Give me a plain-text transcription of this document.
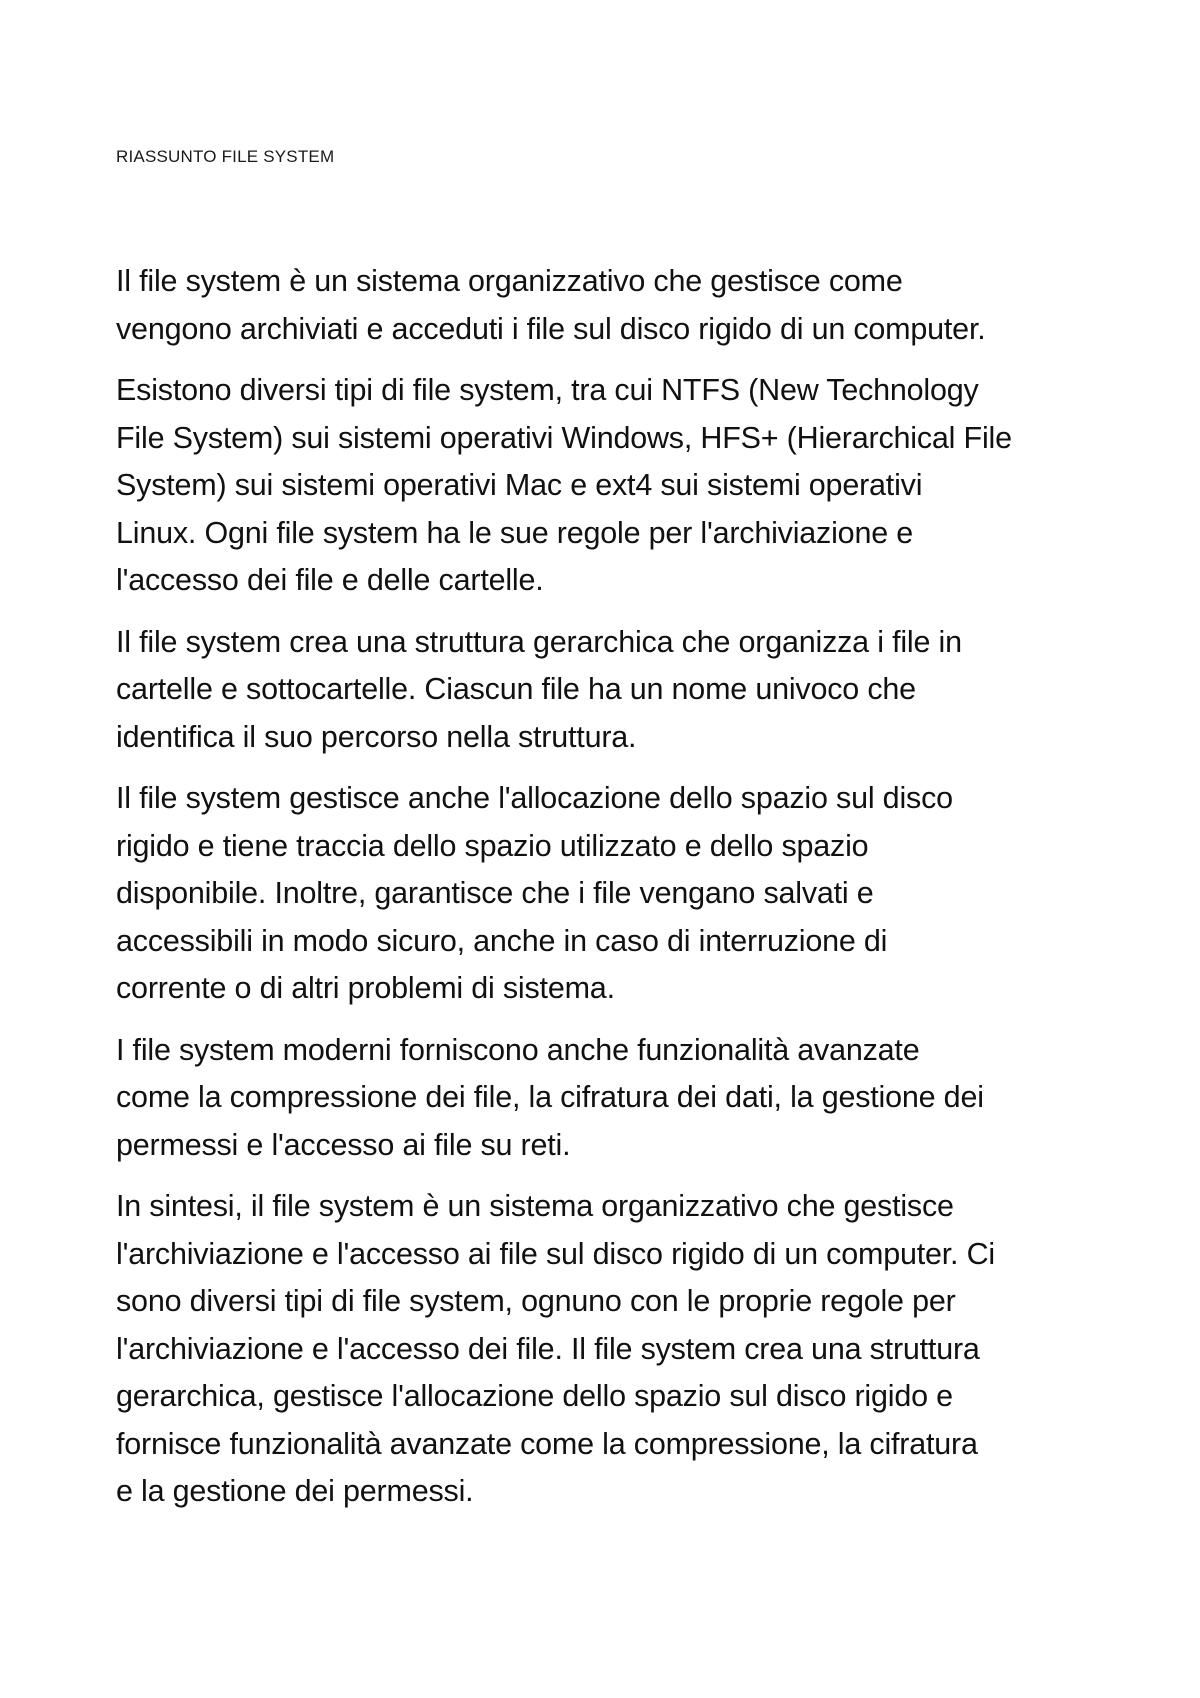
RIASSUNTO FILE SYSTEM

Il file system è un sistema organizzativo che gestisce come
vengono archiviati e acceduti i file sul disco rigido di un computer.

Esistono diversi tipi di file system, tra cui NTFS (New Technology
File System) sui sistemi operativi Windows, HFS+ (Hierarchical File
System) sui sistemi operativi Mac e ext4 sui sistemi operativi
Linux. Ogni file system ha le sue regole per l'archiviazione e
l'accesso dei file e delle cartelle.

Il file system crea una struttura gerarchica che organizza i file in
cartelle e sottocartelle. Ciascun file ha un nome univoco che
identifica il suo percorso nella struttura.

Il file system gestisce anche l'allocazione dello spazio sul disco
rigido e tiene traccia dello spazio utilizzato e dello spazio
disponibile. Inoltre, garantisce che i file vengano salvati e
accessibili in modo sicuro, anche in caso di interruzione di
corrente o di altri problemi di sistema.

I file system moderni forniscono anche funzionalità avanzate
come la compressione dei file, la cifratura dei dati, la gestione dei
permessi e l'accesso ai file su reti.

In sintesi, il file system è un sistema organizzativo che gestisce
l'archiviazione e l'accesso ai file sul disco rigido di un computer. Ci
sono diversi tipi di file system, ognuno con le proprie regole per
l'archiviazione e l'accesso dei file. Il file system crea una struttura
gerarchica, gestisce l'allocazione dello spazio sul disco rigido e
fornisce funzionalità avanzate come la compressione, la cifratura
e la gestione dei permessi.
